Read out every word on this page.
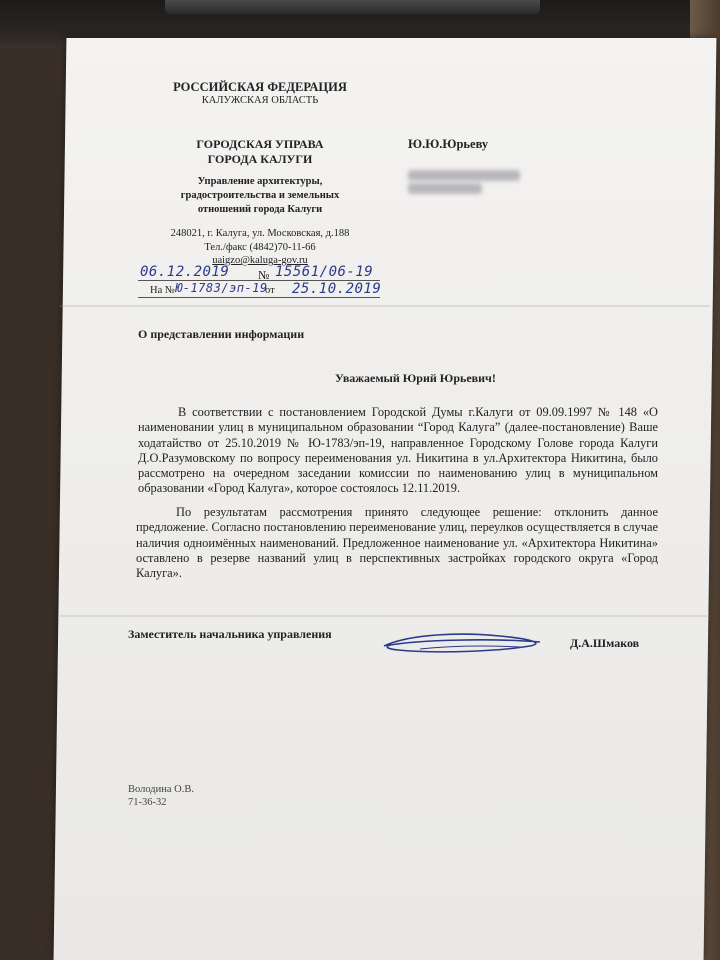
РОССИЙСКАЯ ФЕДЕРАЦИЯ
КАЛУЖСКАЯ ОБЛАСТЬ
ГОРОДСКАЯ УПРАВА
ГОРОДА КАЛУГИ
Управление архитектуры,
градостроительства и земельных
отношений города Калуги
248021, г. Калуга, ул. Московская, д.188
Тел./факс (4842)70-11-66
uaigzo@kaluga-gov.ru
06.12.2019 № 15561/06-19
На № Ю-1783/эп-19
от 25.10.2019
Ю.Ю.Юрьеву
О представлении информации
Уважаемый Юрий Юрьевич!
В соответствии с постановлением Городской Думы г.Калуги от 09.09.1997 № 148 «О наименовании улиц в муниципальном образовании “Город Калуга” (далее-постановление) Ваше ходатайство от 25.10.2019 № Ю-1783/эп-19, направленное Городскому Голове города Калуги Д.О.Разумовскому по вопросу переименования ул. Никитина в ул.Архитектора Никитина, было рассмотрено на очередном заседании комиссии по наименованию улиц в муниципальном образовании «Город Калуга», которое состоялось 12.11.2019.
По результатам рассмотрения принято следующее решение: отклонить данное предложение. Согласно постановлению переименование улиц, переулков осуществляется в случае наличия одноимённых наименований. Предложенное наименование ул. «Архитектора Никитина» оставлено в резерве названий улиц в перспективных застройках городского округа «Город Калуга».
Заместитель начальника управления
Д.А.Шмаков
Володина О.В.
71-36-32
